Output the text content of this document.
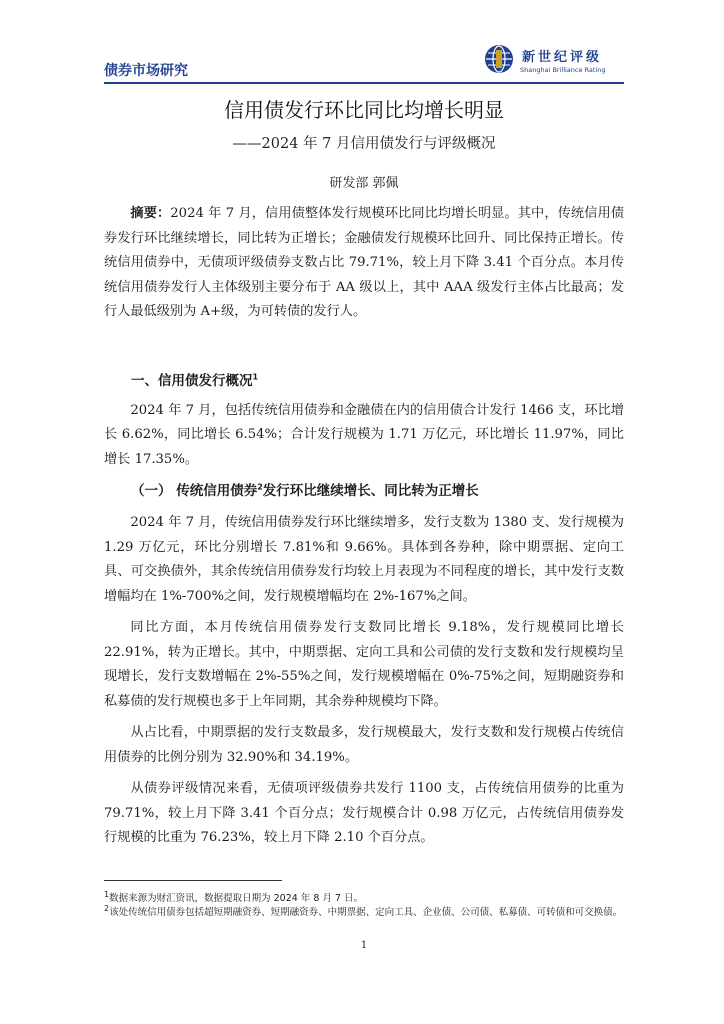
债券市场研究
新世纪评级
Shanghai Brilliance Rating
信用债发行环比同比均增长明显
——2024 年 7 月信用债发行与评级概况
研发部 郭佩

摘要：2024 年 7 月，信用债整体发行规模环比同比均增长明显。其中，传统信用债券发行环比继续增长，同比转为正增长；金融债发行规模环比回升、同比保持正增长。传统信用债券中，无债项评级债券支数占比 79.71%，较上月下降 3.41 个百分点。本月传统信用债券发行人主体级别主要分布于 AA 级以上，其中 AAA 级发行主体占比最高；发行人最低级别为 A+级，为可转债的发行人。

一、信用债发行概况$^1$

2024 年 7 月，包括传统信用债券和金融债在内的信用债合计发行 1466 支，环比增长 6.62%，同比增长 6.54%；合计发行规模为 1.71 万亿元，环比增长 11.97%，同比增长 17.35%。

（一） 传统信用债券$^2$发行环比继续增长、同比转为正增长

2024 年 7 月，传统信用债券发行环比继续增多，发行支数为 1380 支、发行规模为 1.29 万亿元，环比分别增长 7.81%和 9.66%。具体到各券种，除中期票据、定向工具、可交换债外，其余传统信用债券发行均较上月表现为不同程度的增长，其中发行支数增幅均在 1%-700%之间，发行规模增幅均在 2%-167%之间。

同比方面，本月传统信用债券发行支数同比增长 9.18%，发行规模同比增长 22.91%，转为正增长。其中，中期票据、定向工具和公司债的发行支数和发行规模均呈现增长，发行支数增幅在 2%-55%之间，发行规模增幅在 0%-75%之间，短期融资券和私募债的发行规模也多于上年同期，其余券种规模均下降。

从占比看，中期票据的发行支数最多，发行规模最大，发行支数和发行规模占传统信用债券的比例分别为 32.90%和 34.19%。

从债券评级情况来看，无债项评级债券共发行 1100 支，占传统信用债券的比重为 79.71%，较上月下降 3.41 个百分点；发行规模合计 0.98 万亿元，占传统信用债券发行规模的比重为 76.23%，较上月下降 2.10 个百分点。

$^1$数据来源为财汇资讯，数据提取日期为 2024 年 8 月 7 日。
$^2$该处传统信用债券包括超短期融资券、短期融资券、中期票据、定向工具、企业债、公司债、私募债、可转债和可交换债。
1
